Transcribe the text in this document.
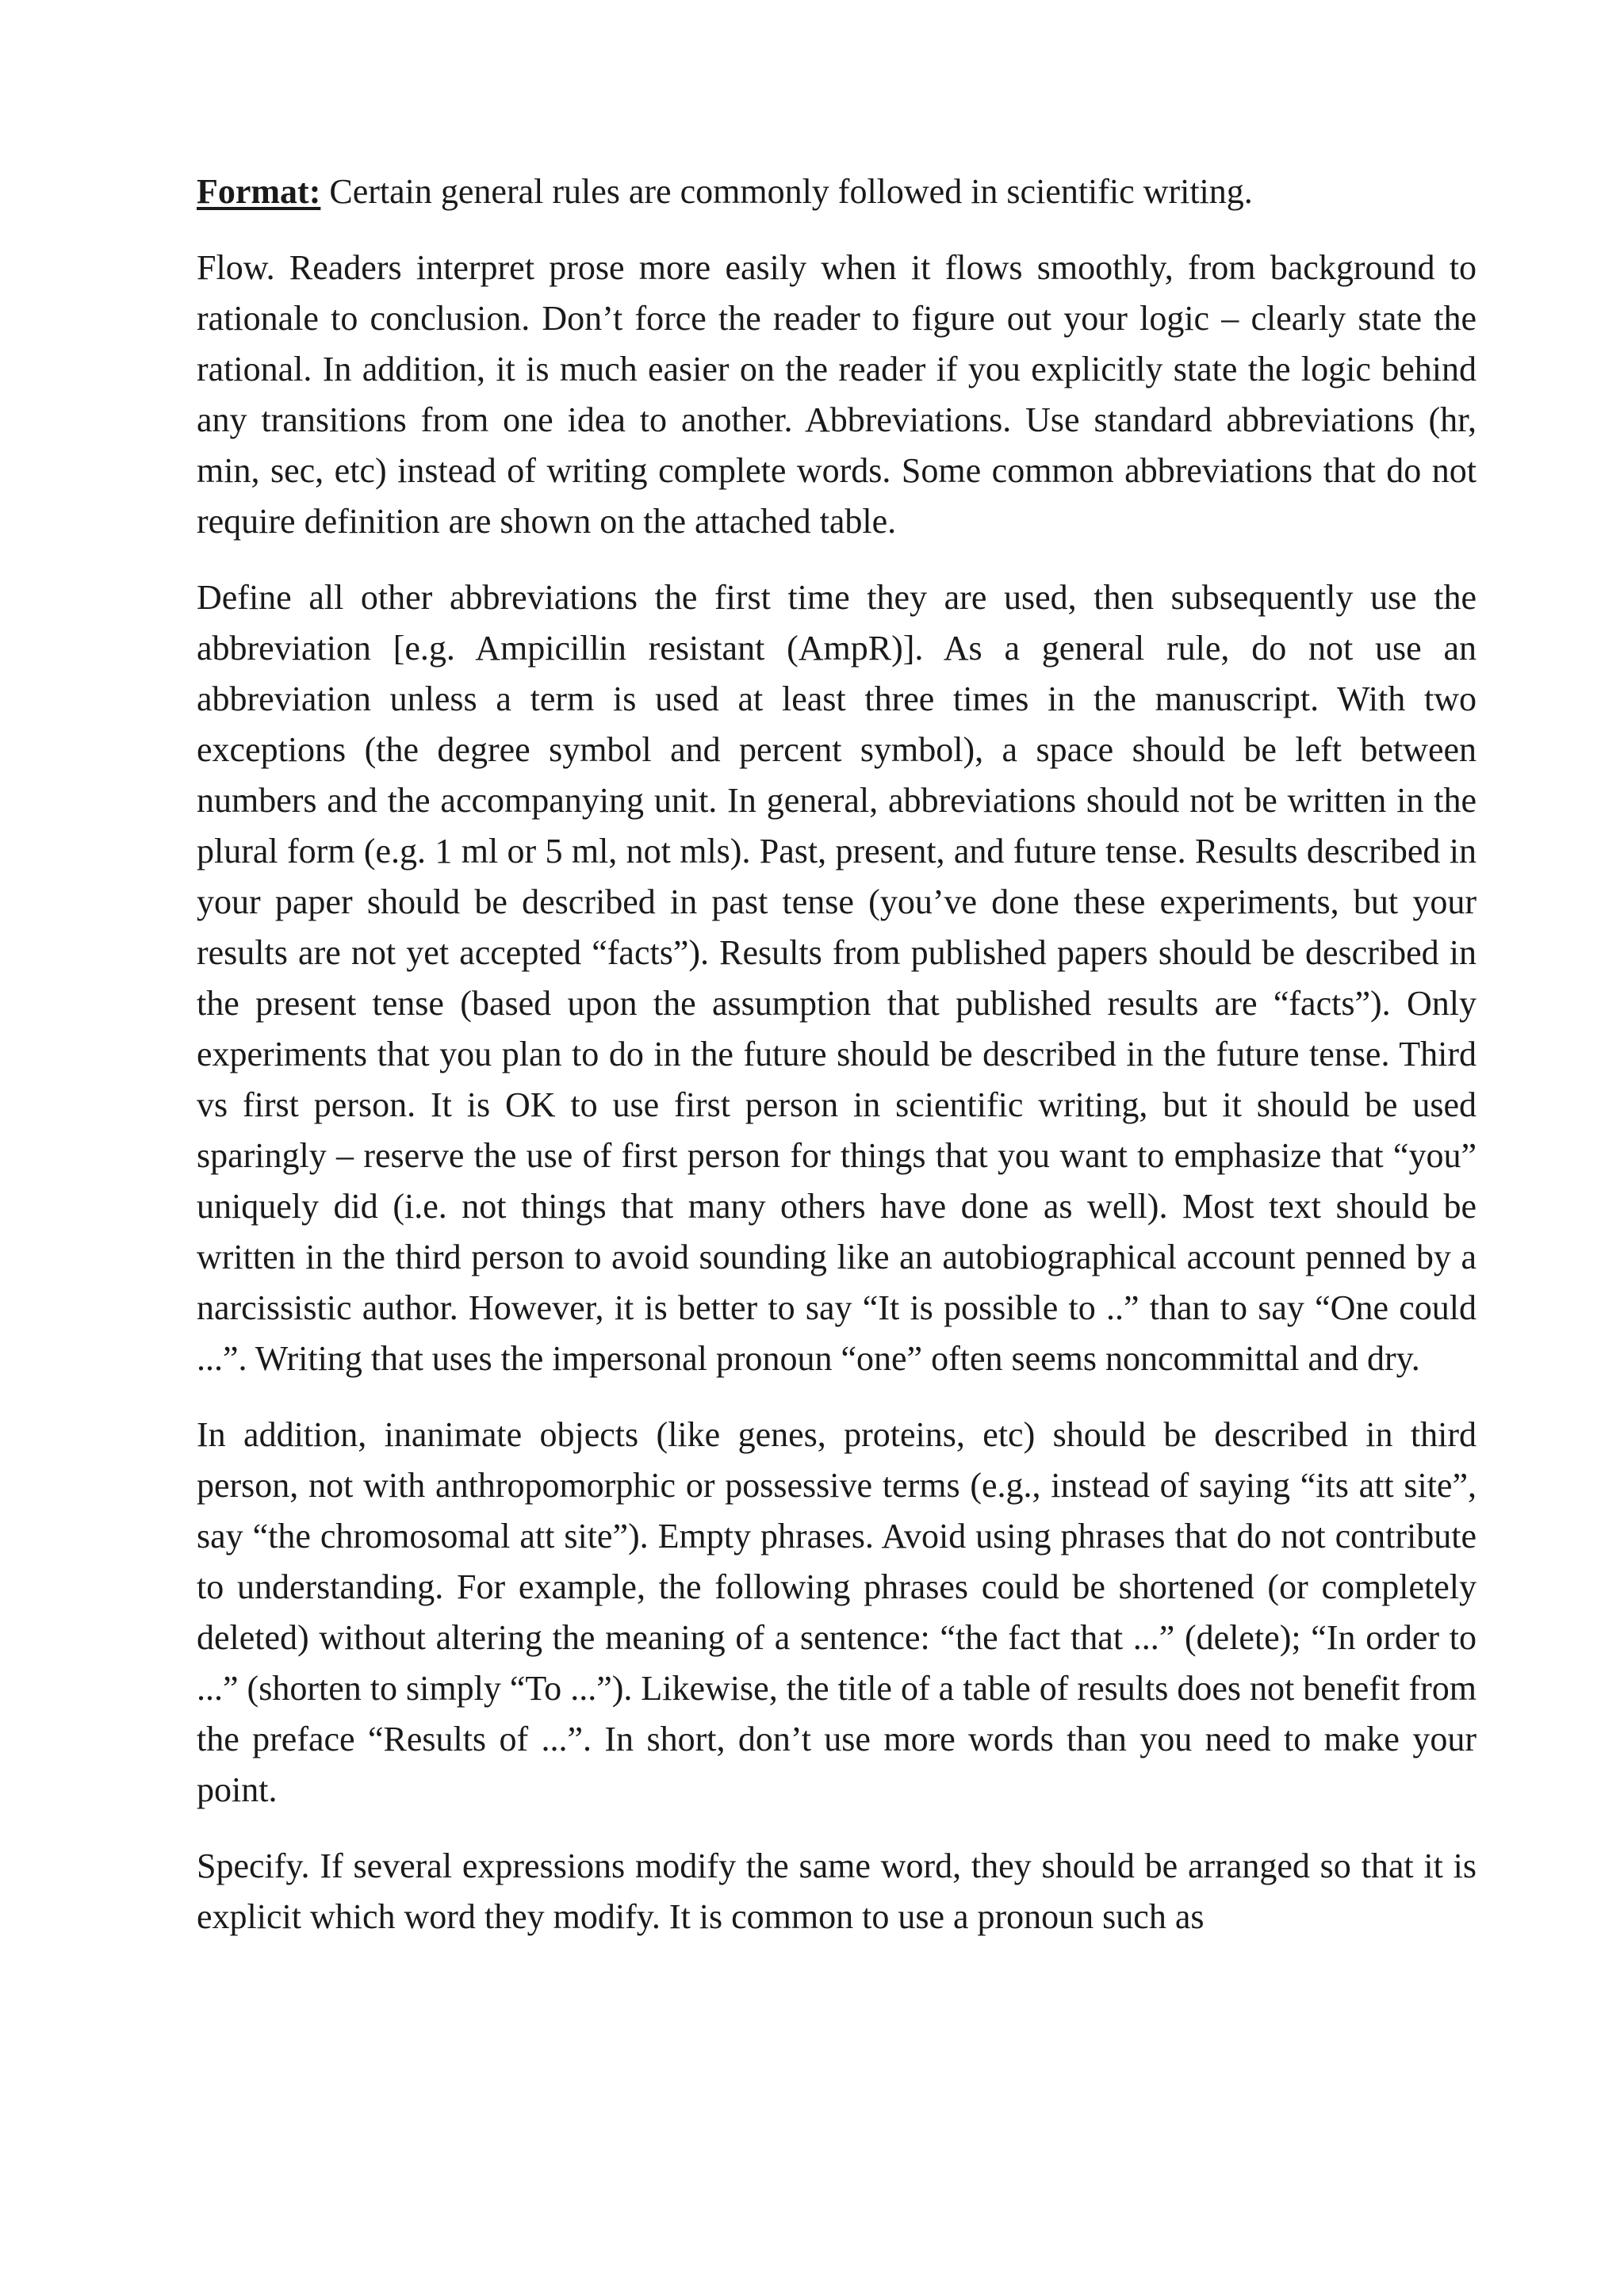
Format: Certain general rules are commonly followed in scientific writing.

Flow. Readers interpret prose more easily when it flows smoothly, from background to rationale to conclusion. Don’t force the reader to figure out your logic – clearly state the rational. In addition, it is much easier on the reader if you explicitly state the logic behind any transitions from one idea to another. Abbreviations. Use standard abbreviations (hr, min, sec, etc) instead of writing complete words. Some common abbreviations that do not require definition are shown on the attached table.

Define all other abbreviations the first time they are used, then subsequently use the abbreviation [e.g. Ampicillin resistant (AmpR)]. As a general rule, do not use an abbreviation unless a term is used at least three times in the manuscript. With two exceptions (the degree symbol and percent symbol), a space should be left between numbers and the accompanying unit. In general, abbreviations should not be written in the plural form (e.g. 1 ml or 5 ml, not mls). Past, present, and future tense. Results described in your paper should be described in past tense (you’ve done these experiments, but your results are not yet accepted “facts”). Results from published papers should be described in the present tense (based upon the assumption that published results are “facts”). Only experiments that you plan to do in the future should be described in the future tense. Third vs first person. It is OK to use first person in scientific writing, but it should be used sparingly – reserve the use of first person for things that you want to emphasize that “you” uniquely did (i.e. not things that many others have done as well). Most text should be written in the third person to avoid sounding like an autobiographical account penned by a narcissistic author. However, it is better to say “It is possible to ..” than to say “One could ...”. Writing that uses the impersonal pronoun “one” often seems noncommittal and dry.

In addition, inanimate objects (like genes, proteins, etc) should be described in third person, not with anthropomorphic or possessive terms (e.g., instead of saying “its att site”, say “the chromosomal att site”). Empty phrases. Avoid using phrases that do not contribute to understanding. For example, the following phrases could be shortened (or completely deleted) without altering the meaning of a sentence: “the fact that ...” (delete); “In order to ...” (shorten to simply “To ...”). Likewise, the title of a table of results does not benefit from the preface “Results of ...”. In short, don’t use more words than you need to make your point.

Specify. If several expressions modify the same word, they should be arranged so that it is explicit which word they modify. It is common to use a pronoun such as
